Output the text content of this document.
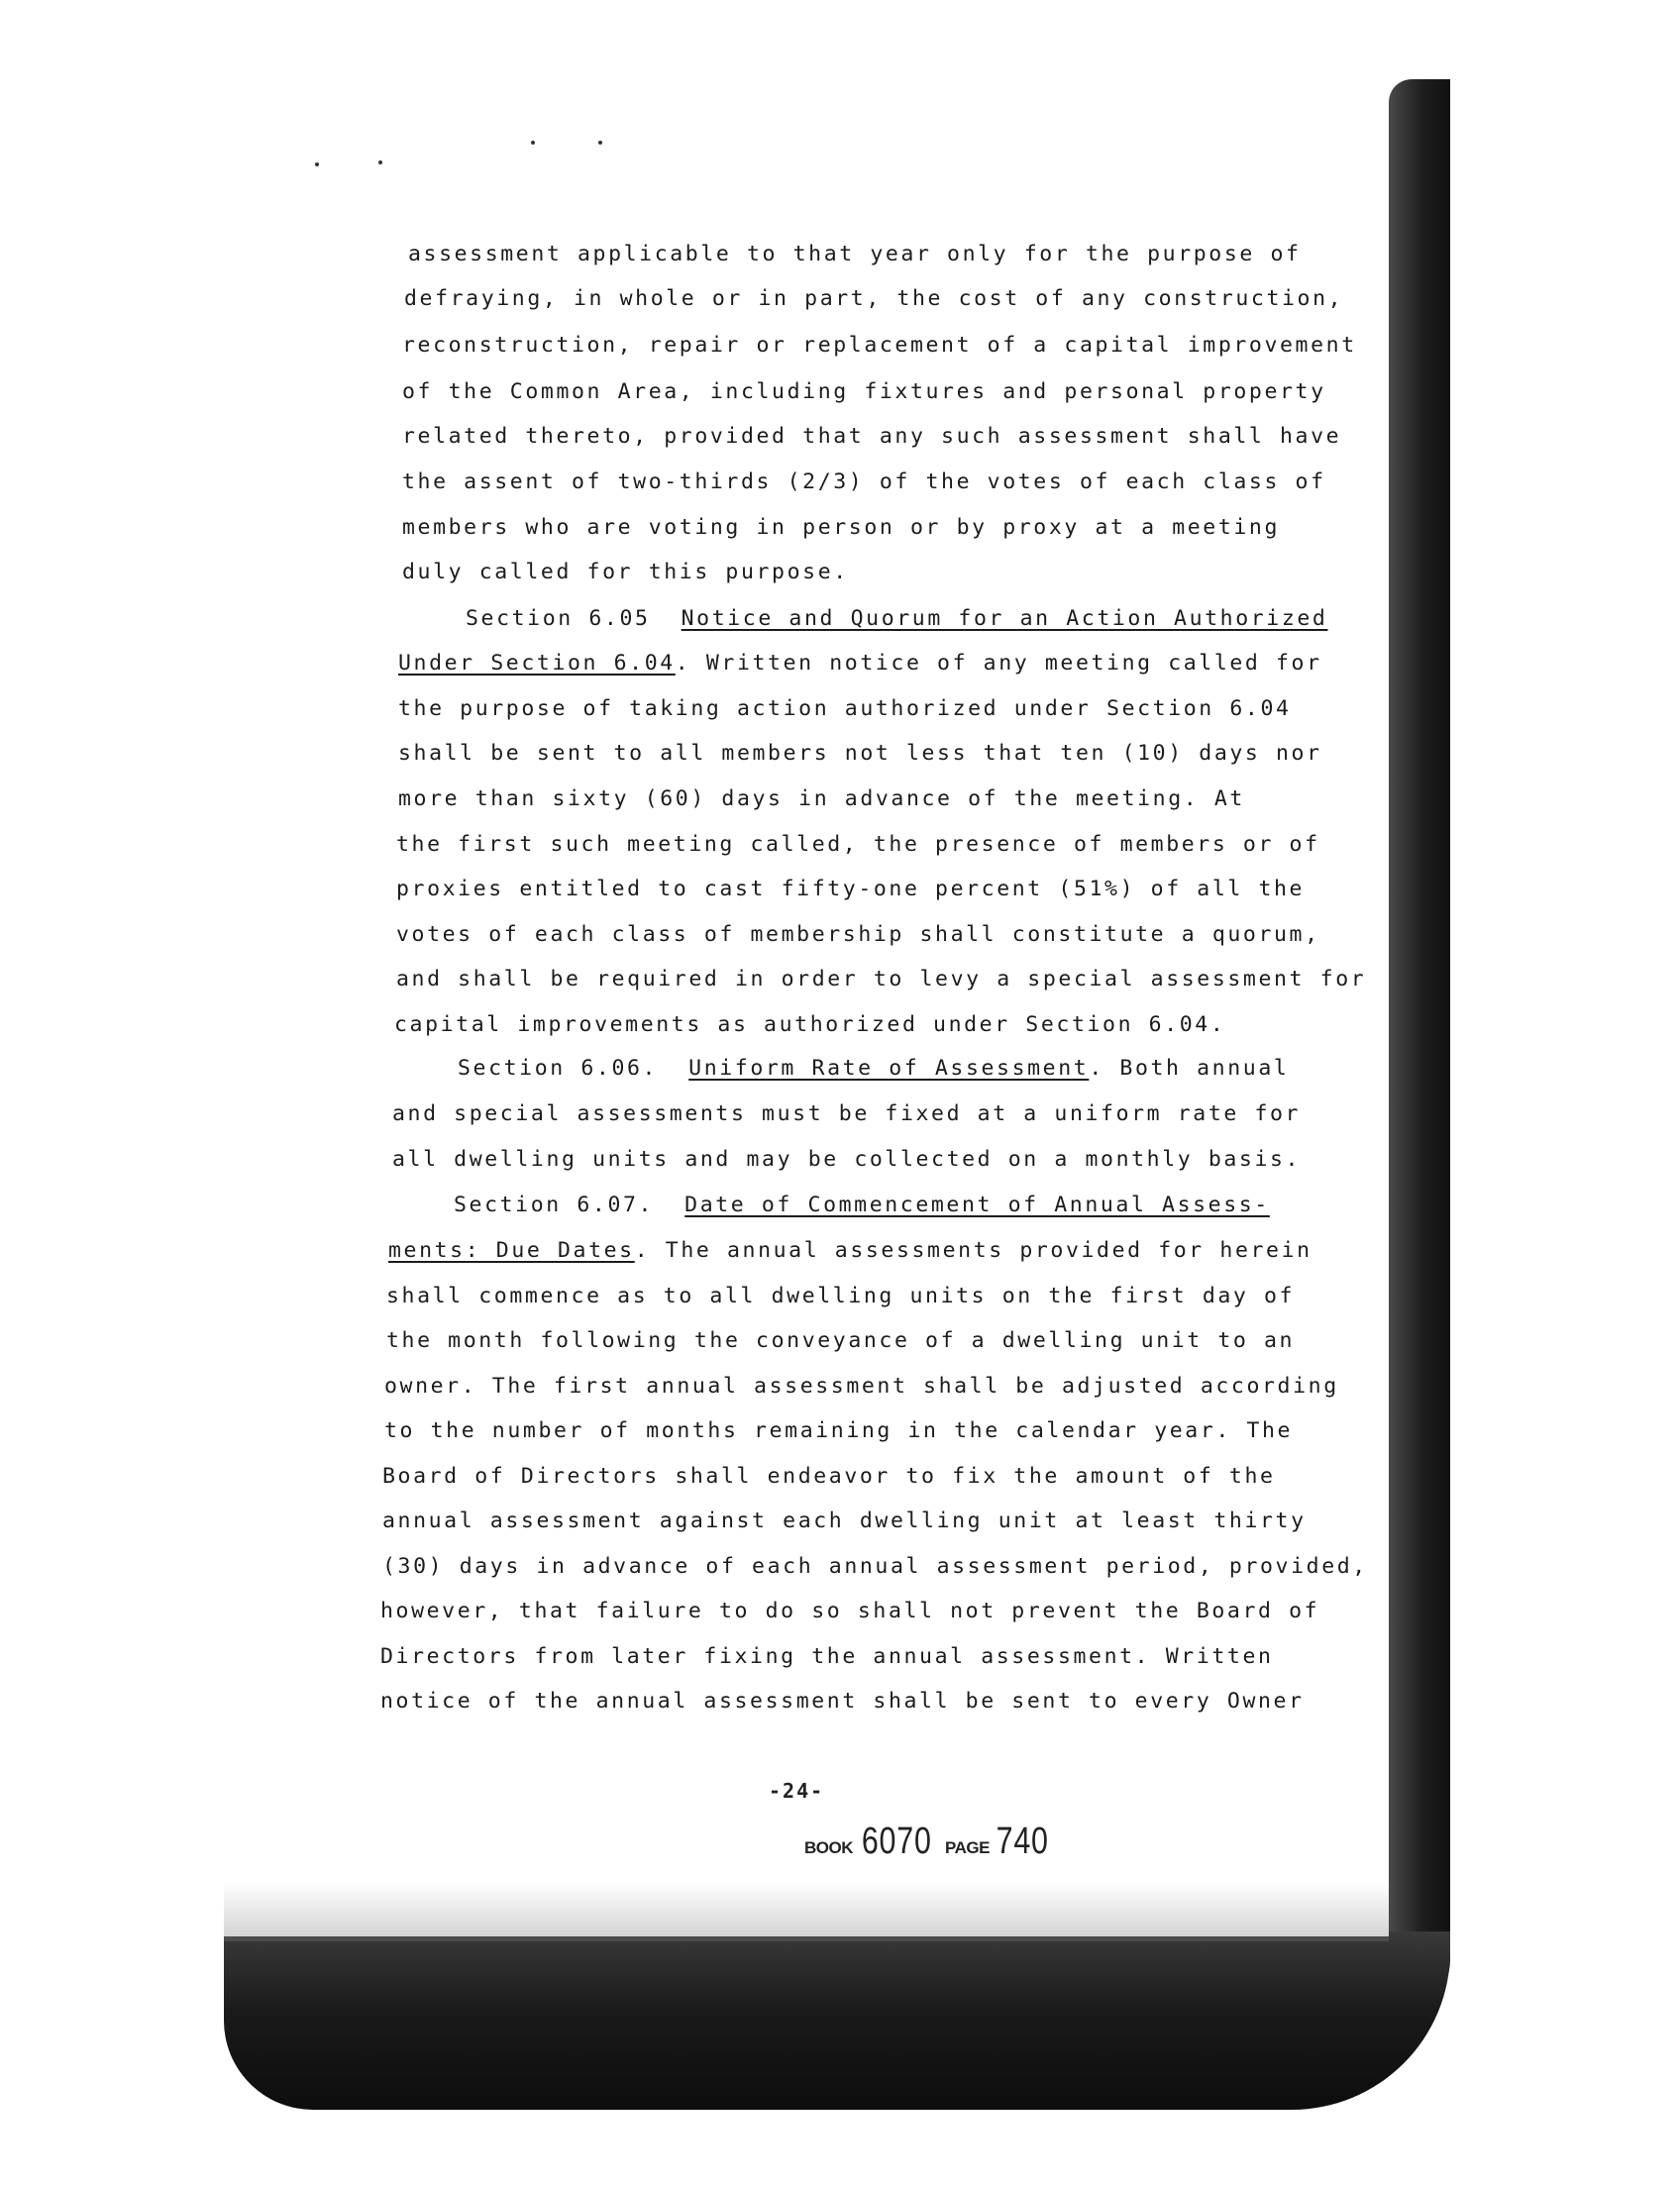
assessment applicable to that year only for the purpose of

defraying, in whole or in part, the cost of any construction,

reconstruction, repair or replacement of a capital improvement

of the Common Area, including fixtures and personal property

related thereto, provided that any such assessment shall have

the assent of two-thirds (2/3) of the votes of each class of

members who are voting in person or by proxy at a meeting

duly called for this purpose.

Section 6.05 Notice and Quorum for an Action Authorized

Under Section 6.04. Written notice of any meeting called for

the purpose of taking action authorized under Section 6.04

shall be sent to all members not less that ten (10) days nor

more than sixty (60) days in advance of the meeting. At

the first such meeting called, the presence of members or of

proxies entitled to cast fifty-one percent (51%) of all the

votes of each class of membership shall constitute a quorum,

and shall be required in order to levy a special assessment for

capital improvements as authorized under Section 6.04.

Section 6.06. Uniform Rate of Assessment. Both annual

and special assessments must be fixed at a uniform rate for

all dwelling units and may be collected on a monthly basis.

Section 6.07. Date of Commencement of Annual Assess-

ments: Due Dates. The annual assessments provided for herein

shall commence as to all dwelling units on the first day of

the month following the conveyance of a dwelling unit to an

owner. The first annual assessment shall be adjusted according

to the number of months remaining in the calendar year. The

Board of Directors shall endeavor to fix the amount of the

annual assessment against each dwelling unit at least thirty

(30) days in advance of each annual assessment period, provided,

however, that failure to do so shall not prevent the Board of

Directors from later fixing the annual assessment. Written

notice of the annual assessment shall be sent to every Owner

-24-
BOOK 6070 PAGE 740
